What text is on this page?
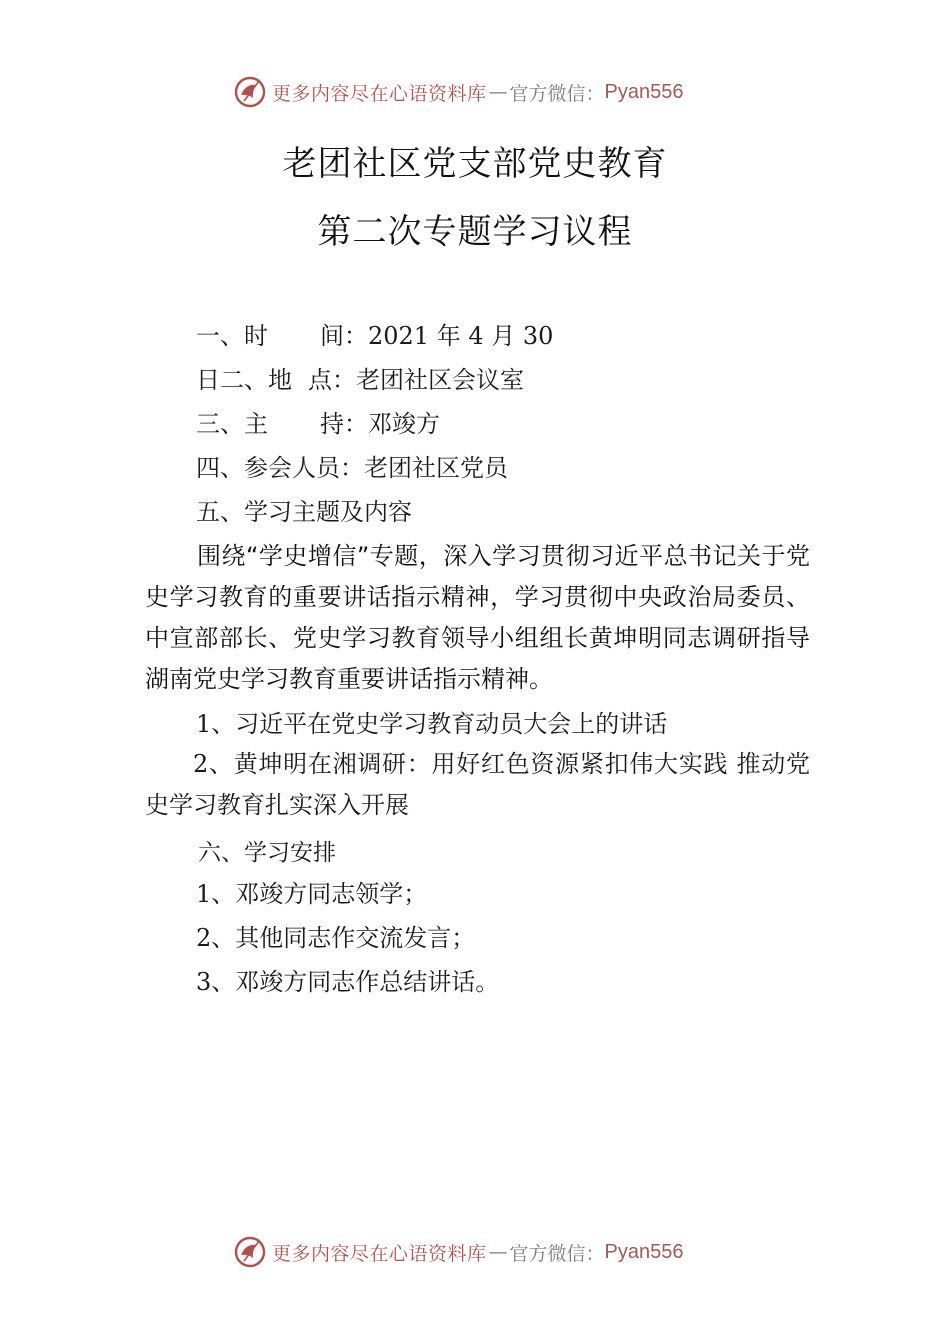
更多内容尽在心语资料库 — 官方微信： Pyan556
老团社区党支部党史教育
第二次专题学习议程
一、时 间：2021 年 4 月 30
日二、地 点：老团社区会议室
三、主 持：邓竣方
四、参会人员：老团社区党员
五、学习主题及内容
围绕“学史增信”专题，深入学习贯彻习近平总书记关于党史学习教育的重要讲话指示精神，学习贯彻中央政治局委员、中宣部部长、党史学习教育领导小组组长黄坤明同志调研指导湖南党史学习教育重要讲话指示精神。
1、习近平在党史学习教育动员大会上的讲话
2、黄坤明在湘调研：用好红色资源紧扣伟大实践 推动党史学习教育扎实深入开展
六、学习安排
1、邓竣方同志领学；
2、其他同志作交流发言；
3、邓竣方同志作总结讲话。
更多内容尽在心语资料库 — 官方微信： Pyan556
